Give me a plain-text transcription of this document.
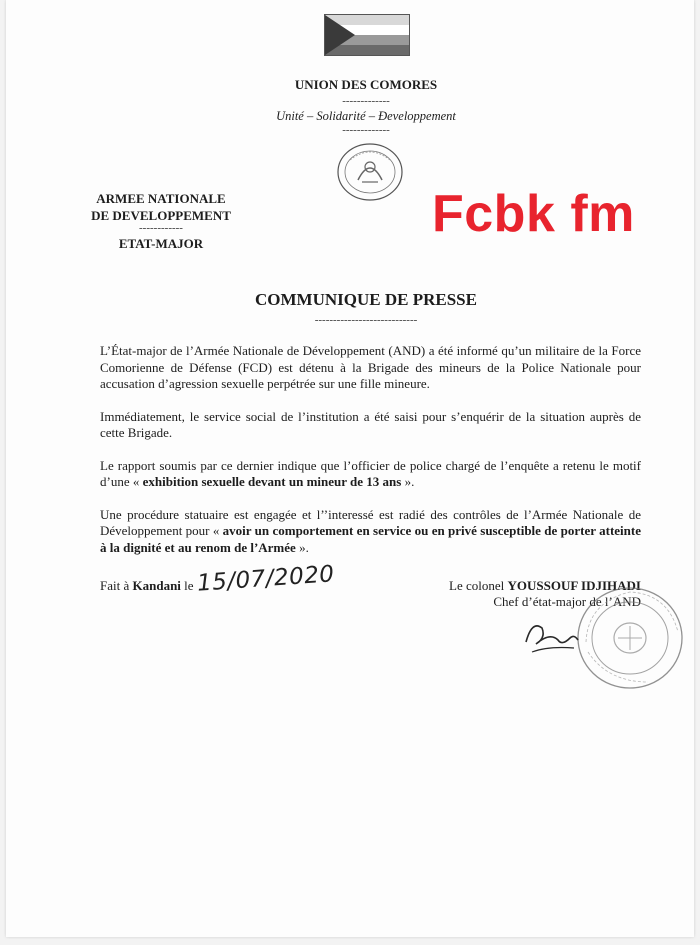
UNION DES COMORES
-------------
Unité – Solidarité – Ɖeveloppement
-------------
ARMEE NATIONALE
DE DEVELOPPEMENT
------------
ETAT-MAJOR
Fcbk fm
COMMUNIQUE DE PRESSE
----------------------------

L’État-major de l’Armée Nationale de Développement (AND) a été informé qu’un militaire de la Force Comorienne de Défense (FCD) est détenu à la Brigade des mineurs de la Police Nationale pour accusation d’agression sexuelle perpétrée sur une fille mineure.

Immédiatement, le service social de l’institution a été saisi pour s’enquérir de la situation auprès de cette Brigade.

Le rapport soumis par ce dernier indique que l’officier de police chargé de l’enquête a retenu le motif d’une « exhibition sexuelle devant un mineur de 13 ans ».

Une procédure statuaire est engagée et l’’interessé est radié des contrôles de l’Armée Nationale de Développement pour « avoir un comportement en service ou en privé susceptible de porter atteinte à la dignité et au renom de l’Armée ».

Fait à Kandani le 15/07/2020	Le colonel YOUSSOUF IDJIHADI
Chef d’état-major de l’AND
